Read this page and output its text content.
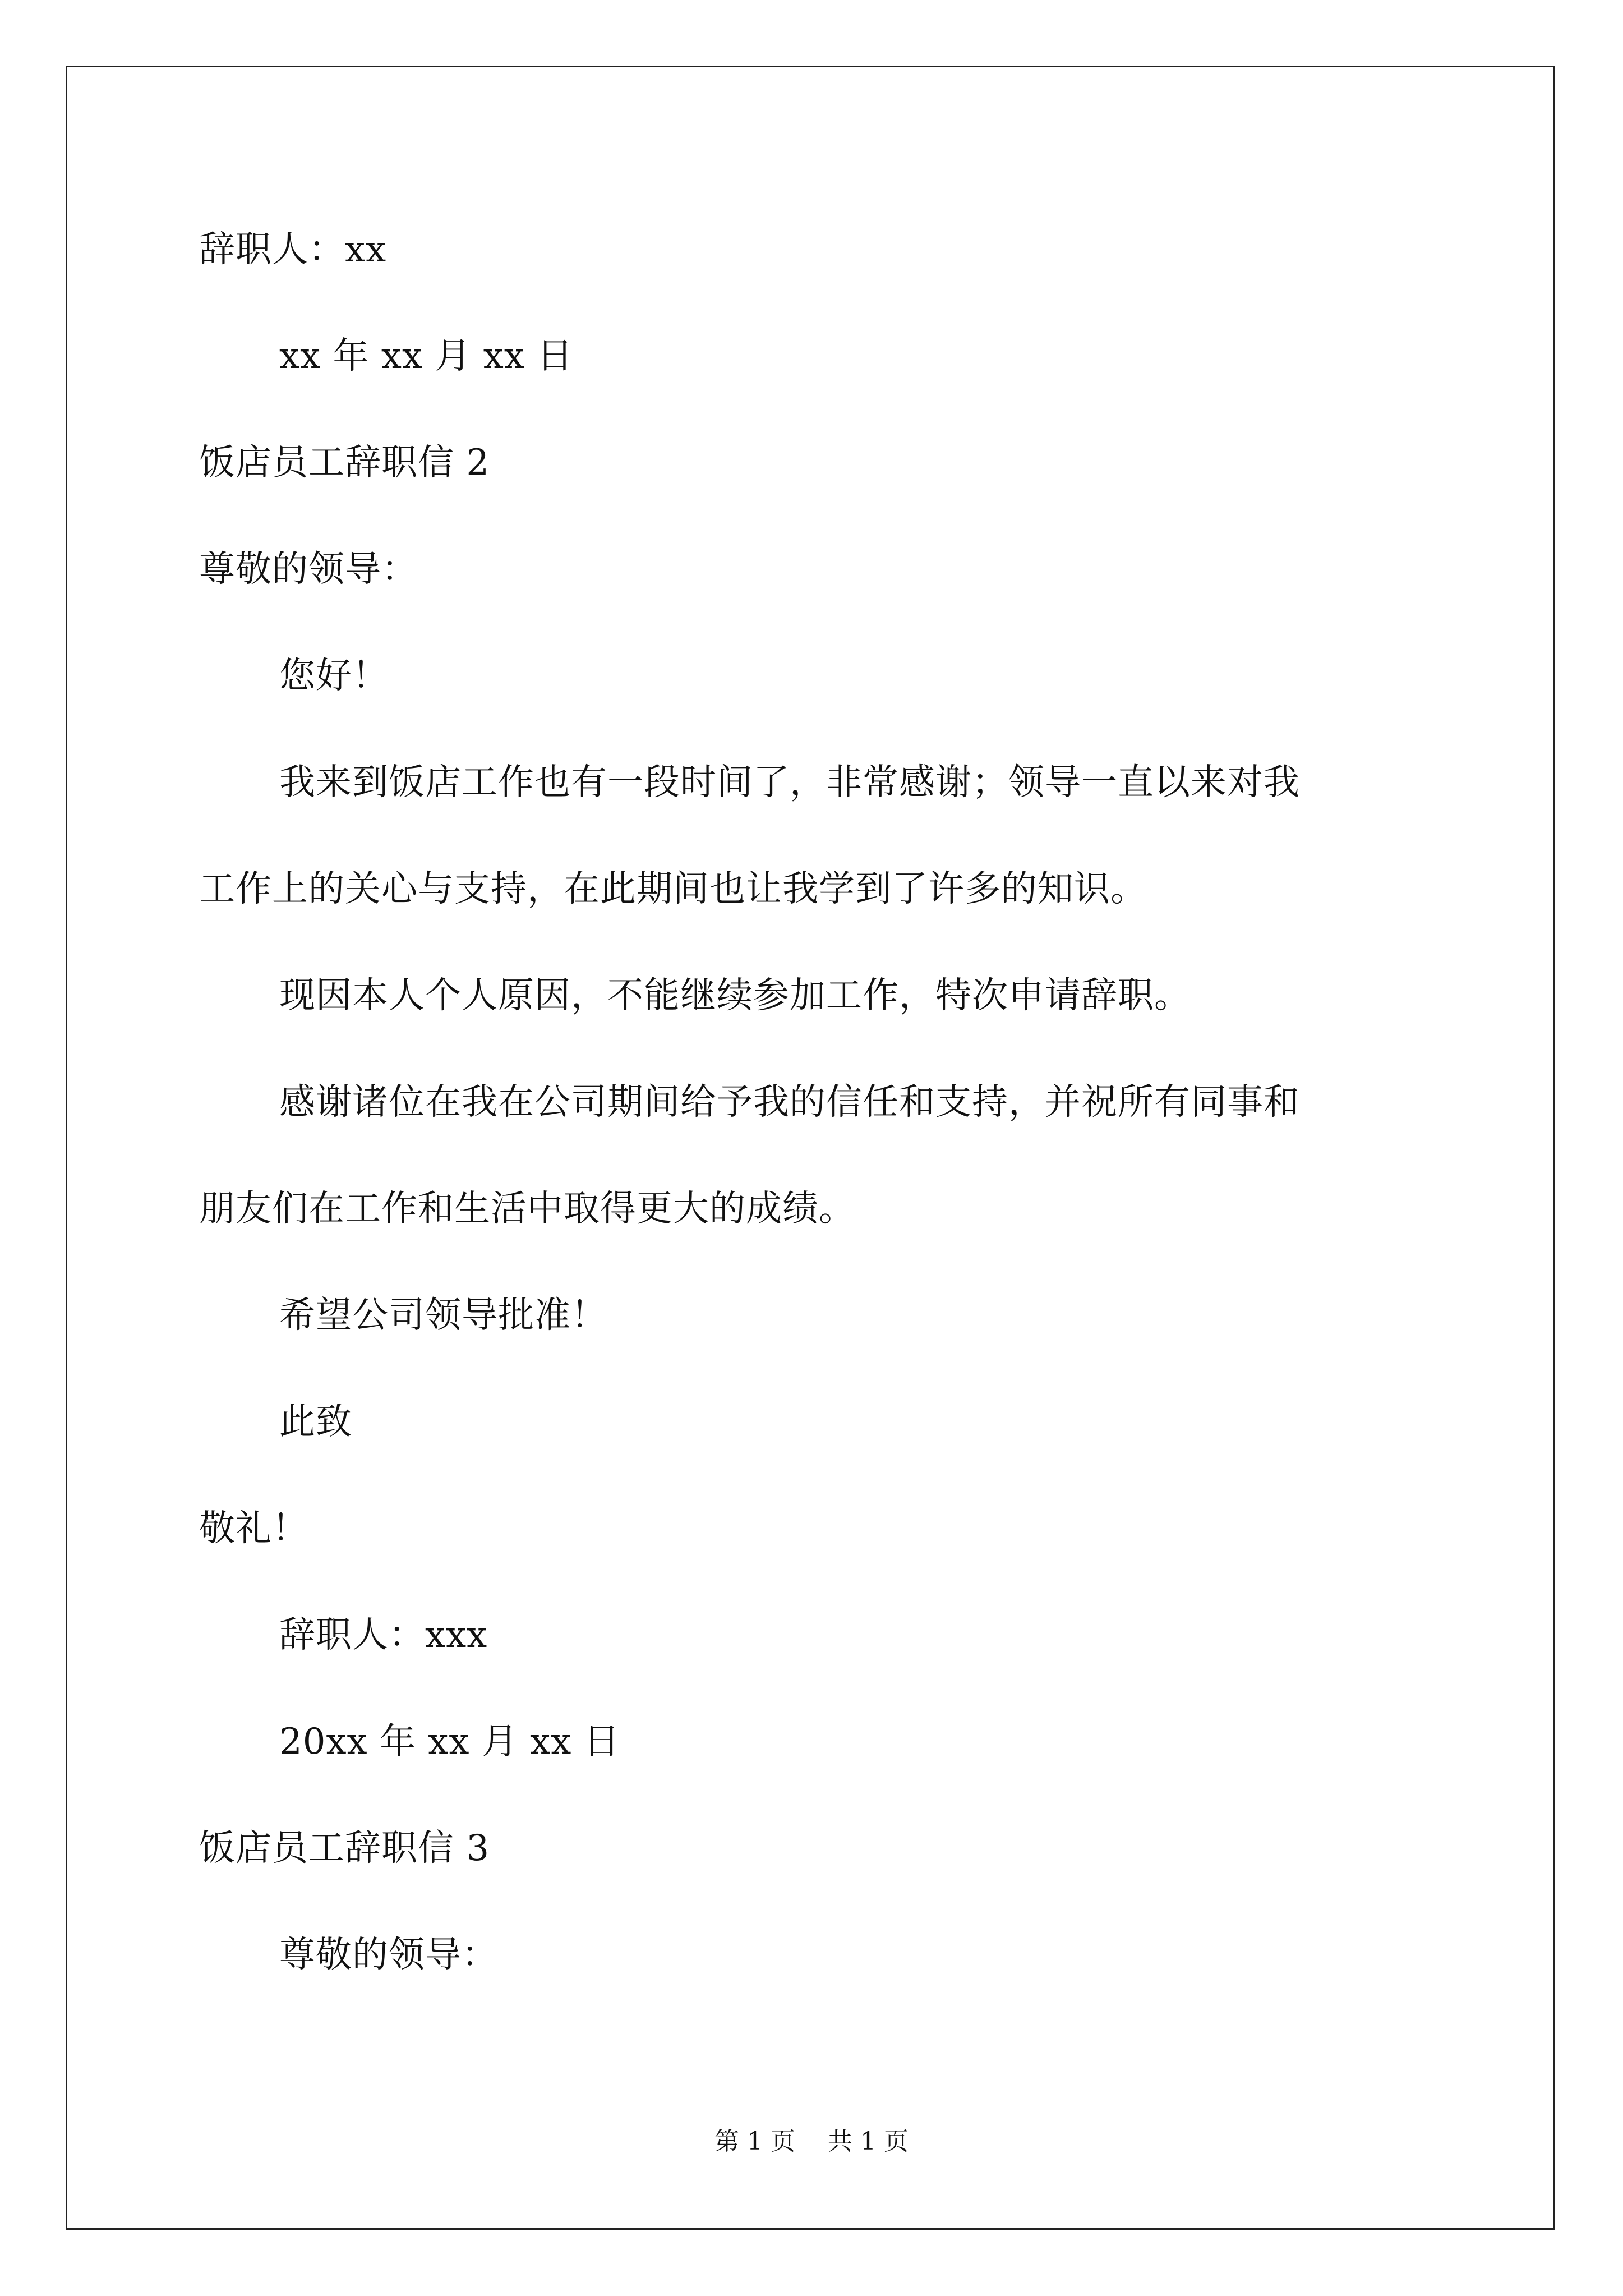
辞职人：xx
xx 年 xx 月 xx 日
饭店员工辞职信 2
尊敬的领导：
您好！
我来到饭店工作也有一段时间了，非常感谢；领导一直以来对我
工作上的关心与支持，在此期间也让我学到了许多的知识。
现因本人个人原因，不能继续参加工作，特次申请辞职。
感谢诸位在我在公司期间给予我的信任和支持，并祝所有同事和
朋友们在工作和生活中取得更大的成绩。
希望公司领导批准！
此致
敬礼！
辞职人：xxx
20xx 年 xx 月 xx 日
饭店员工辞职信 3
尊敬的领导：
第 1 页　 共 1 页
